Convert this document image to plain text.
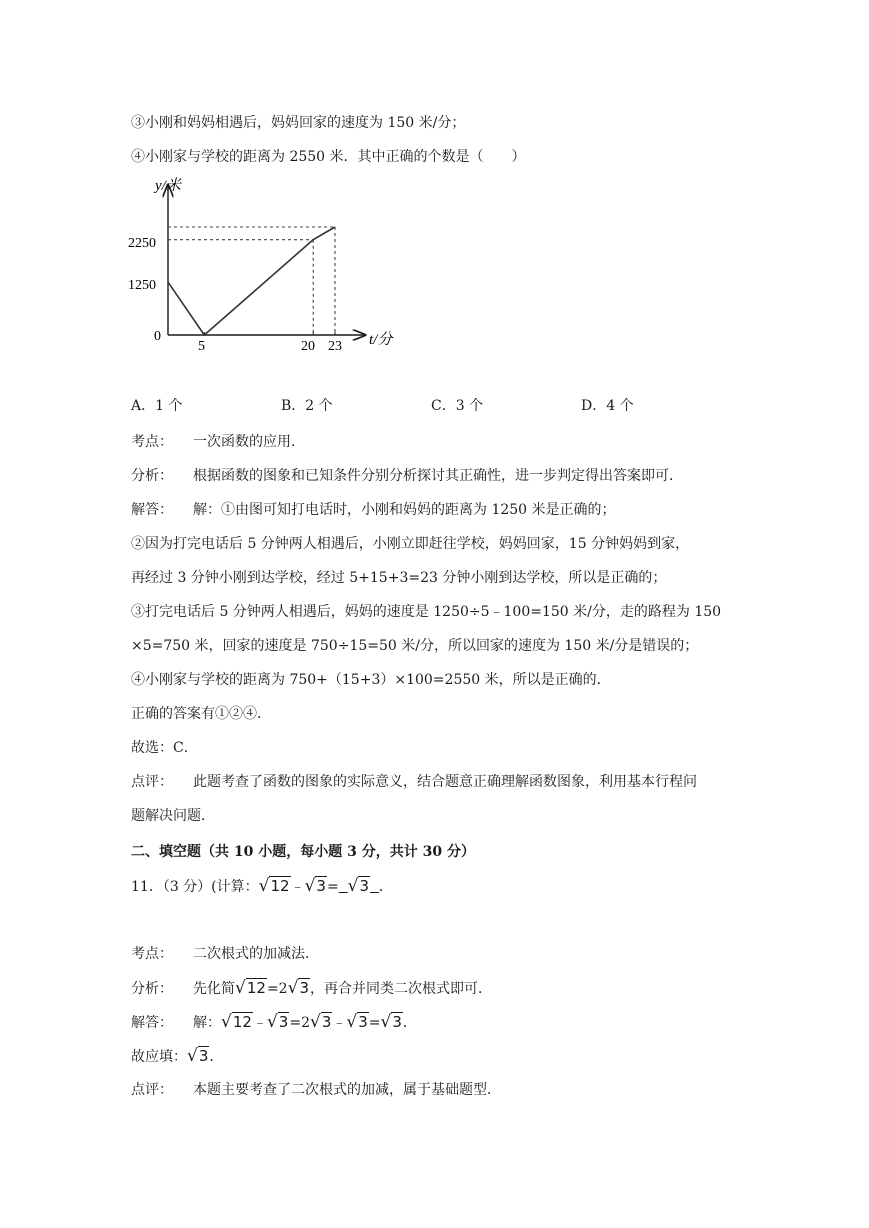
③小刚和妈妈相遇后，妈妈回家的速度为 150 米/分；
④小刚家与学校的距离为 2550 米．其中正确的个数是（　　）
y/米
t/分
0
2250
1250
5	20 23
A．1 个	B．2 个	C．3 个	D．4 个
考点： 一次函数的应用．
分析： 根据函数的图象和已知条件分别分析探讨其正确性，进一步判定得出答案即可．
解答： 解：①由图可知打电话时，小刚和妈妈的距离为 1250 米是正确的；
②因为打完电话后 5 分钟两人相遇后，小刚立即赶往学校，妈妈回家，15 分钟妈妈到家，
再经过 3 分钟小刚到达学校，经过 5+15+3=23 分钟小刚到达学校，所以是正确的；
③打完电话后 5 分钟两人相遇后，妈妈的速度是 1250÷5﹣100=150 米/分，走的路程为 150
×5=750 米，回家的速度是 750÷15=50 米/分，所以回家的速度为 150 米/分是错误的；
④小刚家与学校的距离为 750+（15+3）×100=2550 米，所以是正确的．
正确的答案有①②④．
故选：C．
点评： 此题考查了函数的图象的实际意义，结合题意正确理解函数图象，利用基本行程问
题解决问题．
二、填空题（共 10 小题，每小题 3 分，共计 30 分）
11．（3 分）(计算：√12﹣√3= √3 ．
考点： 二次根式的加减法．
分析： 先化简√12=2√3，再合并同类二次根式即可．
解答： 解：√12﹣√3=2√3﹣√3=√3．
故应填：√3．
点评： 本题主要考查了二次根式的加减，属于基础题型．
